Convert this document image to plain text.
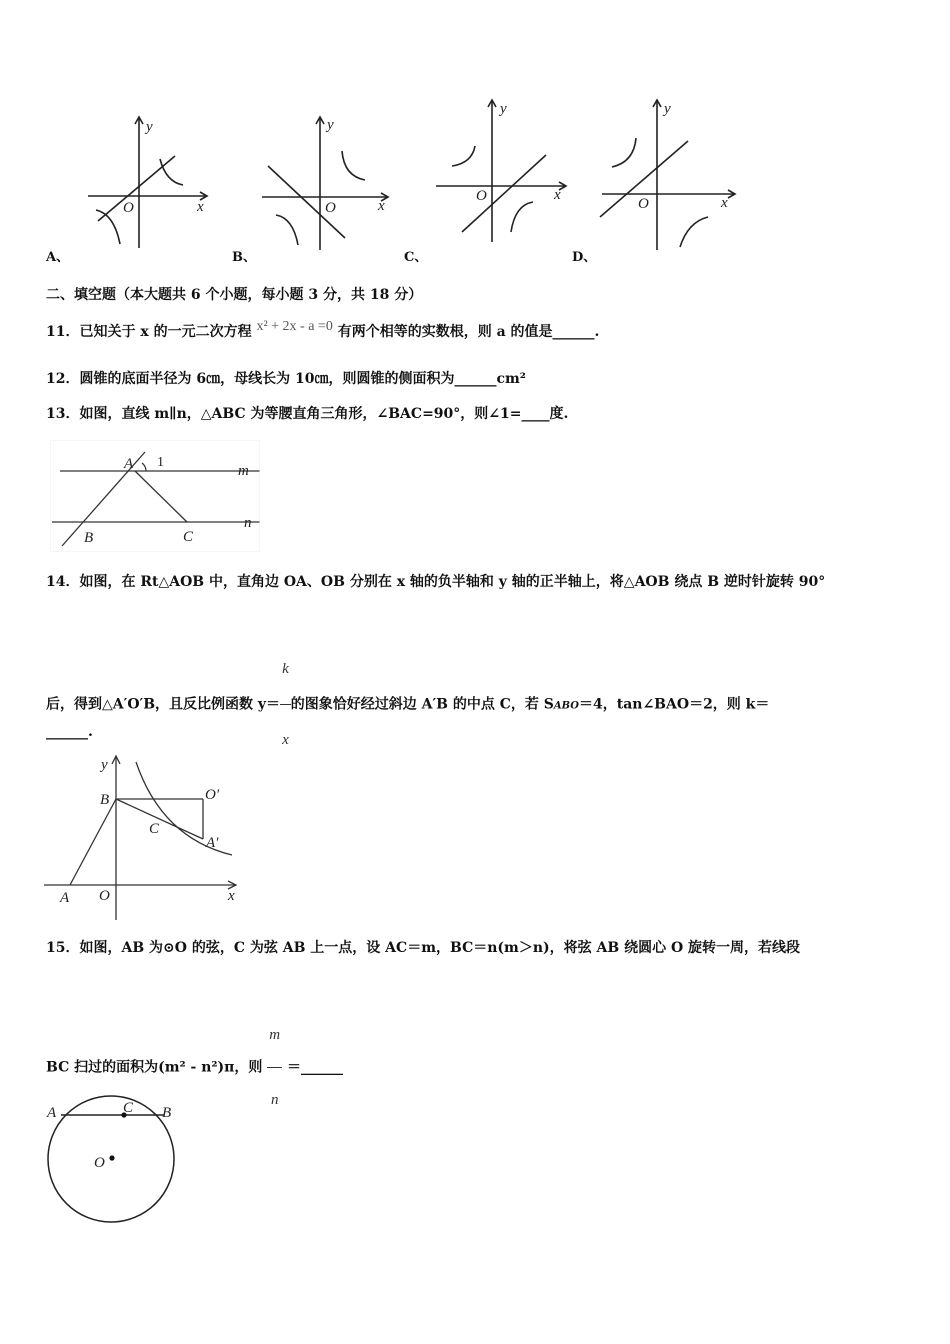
y
x
O
y
x
O
y
x
O
y
x
O
A、	B、	C、	D、
二、填空题（本大题共 6 个小题，每小题 3 分，共 18 分）
11．已知关于 x 的一元二次方程 x² + 2x - a =0 有两个相等的实数根，则 a 的值是______.
12．圆锥的底面半径为 6㎝，母线长为 10㎝，则圆锥的侧面积为______cm²
13．如图，直线 m∥n，△ABC 为等腰直角三角形，∠BAC=90°，则∠1=____度.
A 1
m
n
B	C
14．如图，在 Rt△AOB 中，直角边 OA、OB 分别在 x 轴的负半轴和 y 轴的正半轴上，将△AOB 绕点 B 逆时针旋转 90°
后，得到△A′O′B，且反比例函数 $y= \frac{k}{x}$ 的图象恰好经过斜边 A′B 的中点 C，若 SABO＝4，tan∠BAO＝2，则 k＝
______.
y
B	O′
C
A′
A O	x
15．如图，AB 为⊙O 的弦，C 为弦 AB 上一点，设 AC＝m，BC＝n(m＞n)，将弦 AB 绕圆心 O 旋转一周，若线段
BC 扫过的面积为(m² - n²)π，则 $\frac{m}{n}$ ＝______
A	C B
O
